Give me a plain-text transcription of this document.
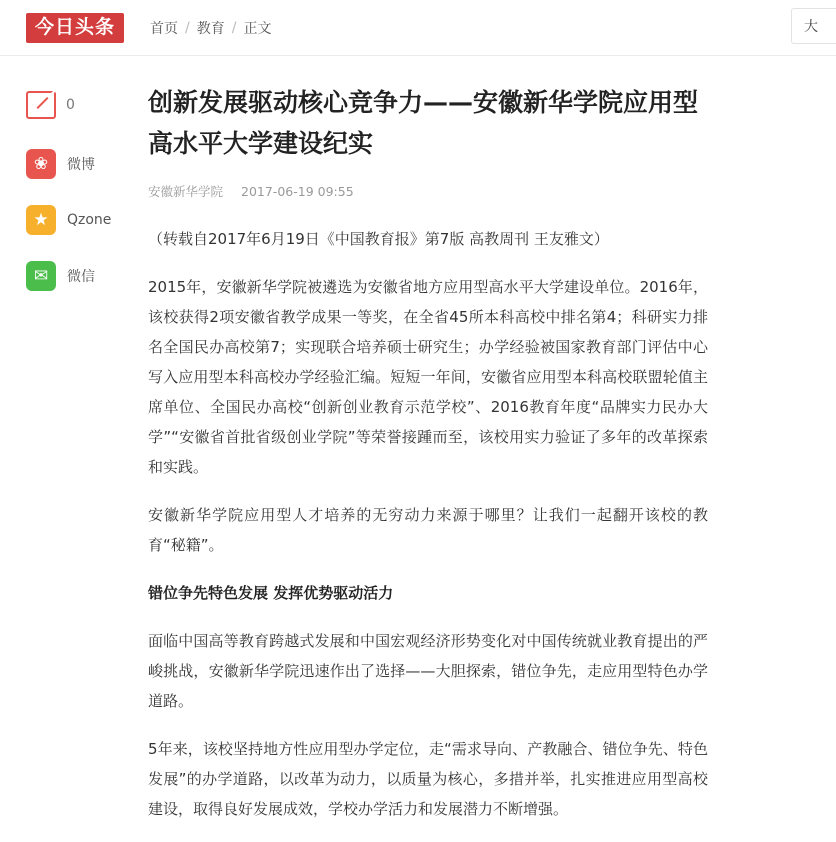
今日头条	首页 / 教育 / 正文	大
0
❀	微博
★	Qzone
✉	微信
创新发展驱动核心竞争力——安徽新华学院应用型高水平大学建设纪实
安徽新华学院 2017-06-19 09:55

（转载自2017年6月19日《中国教育报》第7版 高教周刊 王友雅文）

2015年，安徽新华学院被遴选为安徽省地方应用型高水平大学建设单位。2016年，该校获得2项安徽省教学成果一等奖，在全省45所本科高校中排名第4；科研实力排名全国民办高校第7；实现联合培养硕士研究生；办学经验被国家教育部门评估中心写入应用型本科高校办学经验汇编。短短一年间，安徽省应用型本科高校联盟轮值主席单位、全国民办高校“创新创业教育示范学校”、2016教育年度“品牌实力民办大学”“安徽省首批省级创业学院”等荣誉接踵而至，该校用实力验证了多年的改革探索和实践。

安徽新华学院应用型人才培养的无穷动力来源于哪里？让我们一起翻开该校的教育“秘籍”。

错位争先特色发展 发挥优势驱动活力

面临中国高等教育跨越式发展和中国宏观经济形势变化对中国传统就业教育提出的严峻挑战，安徽新华学院迅速作出了选择——大胆探索，错位争先，走应用型特色办学道路。

5年来，该校坚持地方性应用型办学定位，走“需求导向、产教融合、错位争先、特色发展”的办学道路，以改革为动力，以质量为核心，多措并举，扎实推进应用型高校建设，取得良好发展成效，学校办学活力和发展潜力不断增强。
